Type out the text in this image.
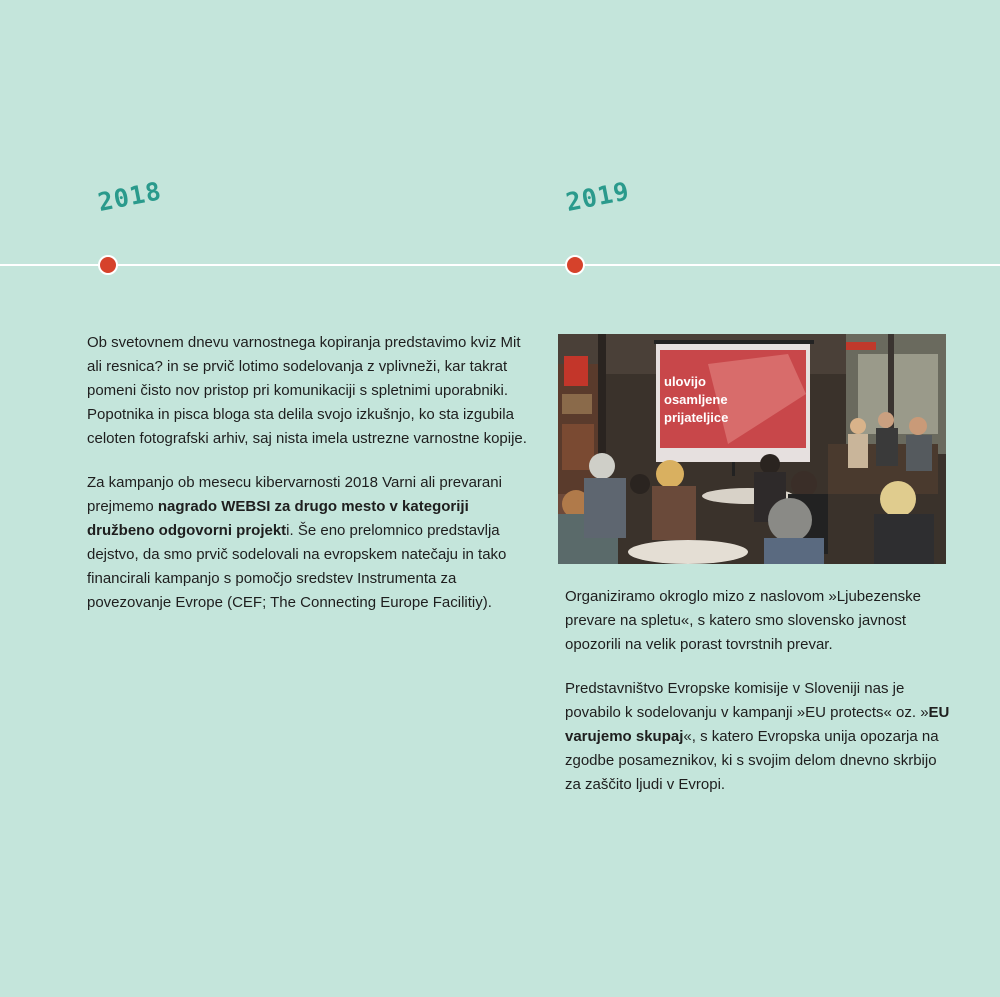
2018	2019

Ob svetovnem dnevu varnostnega kopiranja predstavimo kviz Mit ali resnica? in se prvič lotimo sodelovanja z vplivneži, kar takrat pomeni čisto nov pristop pri komunikaciji s spletnimi uporabniki. Popotnika in pisca bloga sta delila svojo izkušnjo, ko sta izgubila celoten fotografski arhiv, saj nista imela ustrezne varnostne kopije.

Za kampanjo ob mesecu kibervarnosti 2018 Varni ali prevarani prejmemo nagrado WEBSI za drugo mesto v kategoriji družbeno odgovorni projekti. Še eno prelomnico predstavlja dejstvo, da smo prvič sodelovali na evropskem natečaju in tako financirali kampanjo s pomočjo sredstev Instrumenta za povezovanje Evrope (CEF; The Connecting Europe Facilitiy).

ulovijo
osamljene
prijateljice

Organiziramo okroglo mizo z naslovom »Ljubezenske prevare na spletu«, s katero smo slovensko javnost opozorili na velik porast tovrstnih prevar.

Predstavništvo Evropske komisije v Sloveniji nas je povabilo k sodelovanju v kampanji »EU protects« oz. »EU varujemo skupaj«, s katero Evropska unija opozarja na zgodbe posameznikov, ki s svojim delom dnevno skrbijo za zaščito ljudi v Evropi.
